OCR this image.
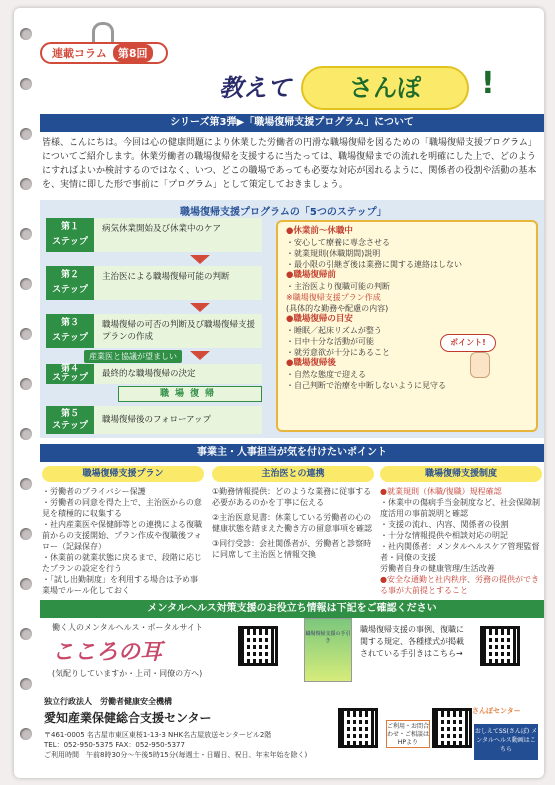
連載コラム	第8回
教えて	さんぽ	!
シリーズ第3弾▶「職場復帰支援プログラム」について
皆様、こんにちは。今回は心の健康問題により休業した労働者の円滑な職場復帰を図るための「職場復帰支援プログラム」についてご紹介します。休業労働者の職場復帰を支援するに当たっては、職場復帰までの流れを明確にした上で、どのようにすればよいか検討するのではなく、いつ、どこの職場であっても必要な対応が図れるように、関係者の役割や活動の基本を、実情に即した形で事前に「プログラム」として策定しておきましょう。
職場復帰支援プログラムの「5つのステップ」
第１
ステップ
病気休業開始及び休業中のケア
第２
ステップ
主治医による職場復帰可能の判断
第３
ステップ
職場復帰の可否の判断及び職場復帰支援プランの作成
産業医と協議が望ましい
第４
ステップ	最終的な職場復帰の決定
職場復帰
第５
ステップ
職場復帰後のフォローアップ
●休業前～休職中
・安心して療養に専念させる
・就業規則(休職期間)説明
・最小限の引継ぎ後は業務に関する連絡はしない
●職場復帰前
・主治医より復職可能の判断
※職場復帰支援プラン作成
(具体的な勤務や配慮の内容)
●職場復帰の目安
・睡眠／起床リズムが整う
・日中十分な活動が可能
・就労意欲が十分にあること
●職場復帰後
・自然な態度で迎える
・自己判断で治療を中断しないように見守る
ポイント!
事業主・人事担当が気を付けたいポイント
職場復帰支援プラン
・労働者のプライバシー保護
・労働者の同意を得た上で、主治医からの意見を積極的に収集する
・社内産業医や保健師等との連携による復職前からの支援開始、プラン作成や復職後フォロー（記録保存）
・休業前の就業状態に戻るまで、段階に応じたプランの設定を行う
・「試し出勤制度」を利用する場合は予め事業場でルール化しておく
主治医との連携
①勤務情報提供：どのような業務に従事する必要があるのかを丁寧に伝える
②主治医意見書：休業している労働者の心の健康状態を踏まえた働き方の留意事項を確認
③同行受診：会社関係者が、労働者と診察時に同席して主治医と情報交換
職場復帰支援制度
●就業規則（休職/復職）規程確認
・休業中の傷病手当金制度など、社会保障制度活用の事前説明と確認
・支援の流れ、内容、関係者の役割
・十分な情報提供や相談対応の明記
・社内関係者：メンタルヘルスケア管理監督者・同僚の支援
労働者自身の健康管理/生活改善
●安全な通勤と社内秩序、労務の提供ができる事が大前提とすること
メンタルヘルス対策支援のお役立ち情報は下記をご確認ください
働く人のメンタルヘルス・ポータルサイト
こころの耳
(気配りしていますか・上司・同僚の方へ)
職場復帰支援の手引き
職場復帰支援の事例、復職に関する規定、各種様式が掲載されている手引きはこちら→
独立行政法人　労働者健康安全機構
愛知産業保健総合支援センター
〒461-0005 名古屋市東区東桜1-13-3 NHK名古屋放送センタービル2階
TEL：052-950-5375 FAX：052-950-5377
ご利用時間　午前8時30分～午後5時15分(毎週土・日曜日、祝日、年末年始を除く)
ご利用・お問合わせ・ご相談は HPより
さんぽセンター
おしえてSS(さんぽ) メンタルヘルス動画はこちら
